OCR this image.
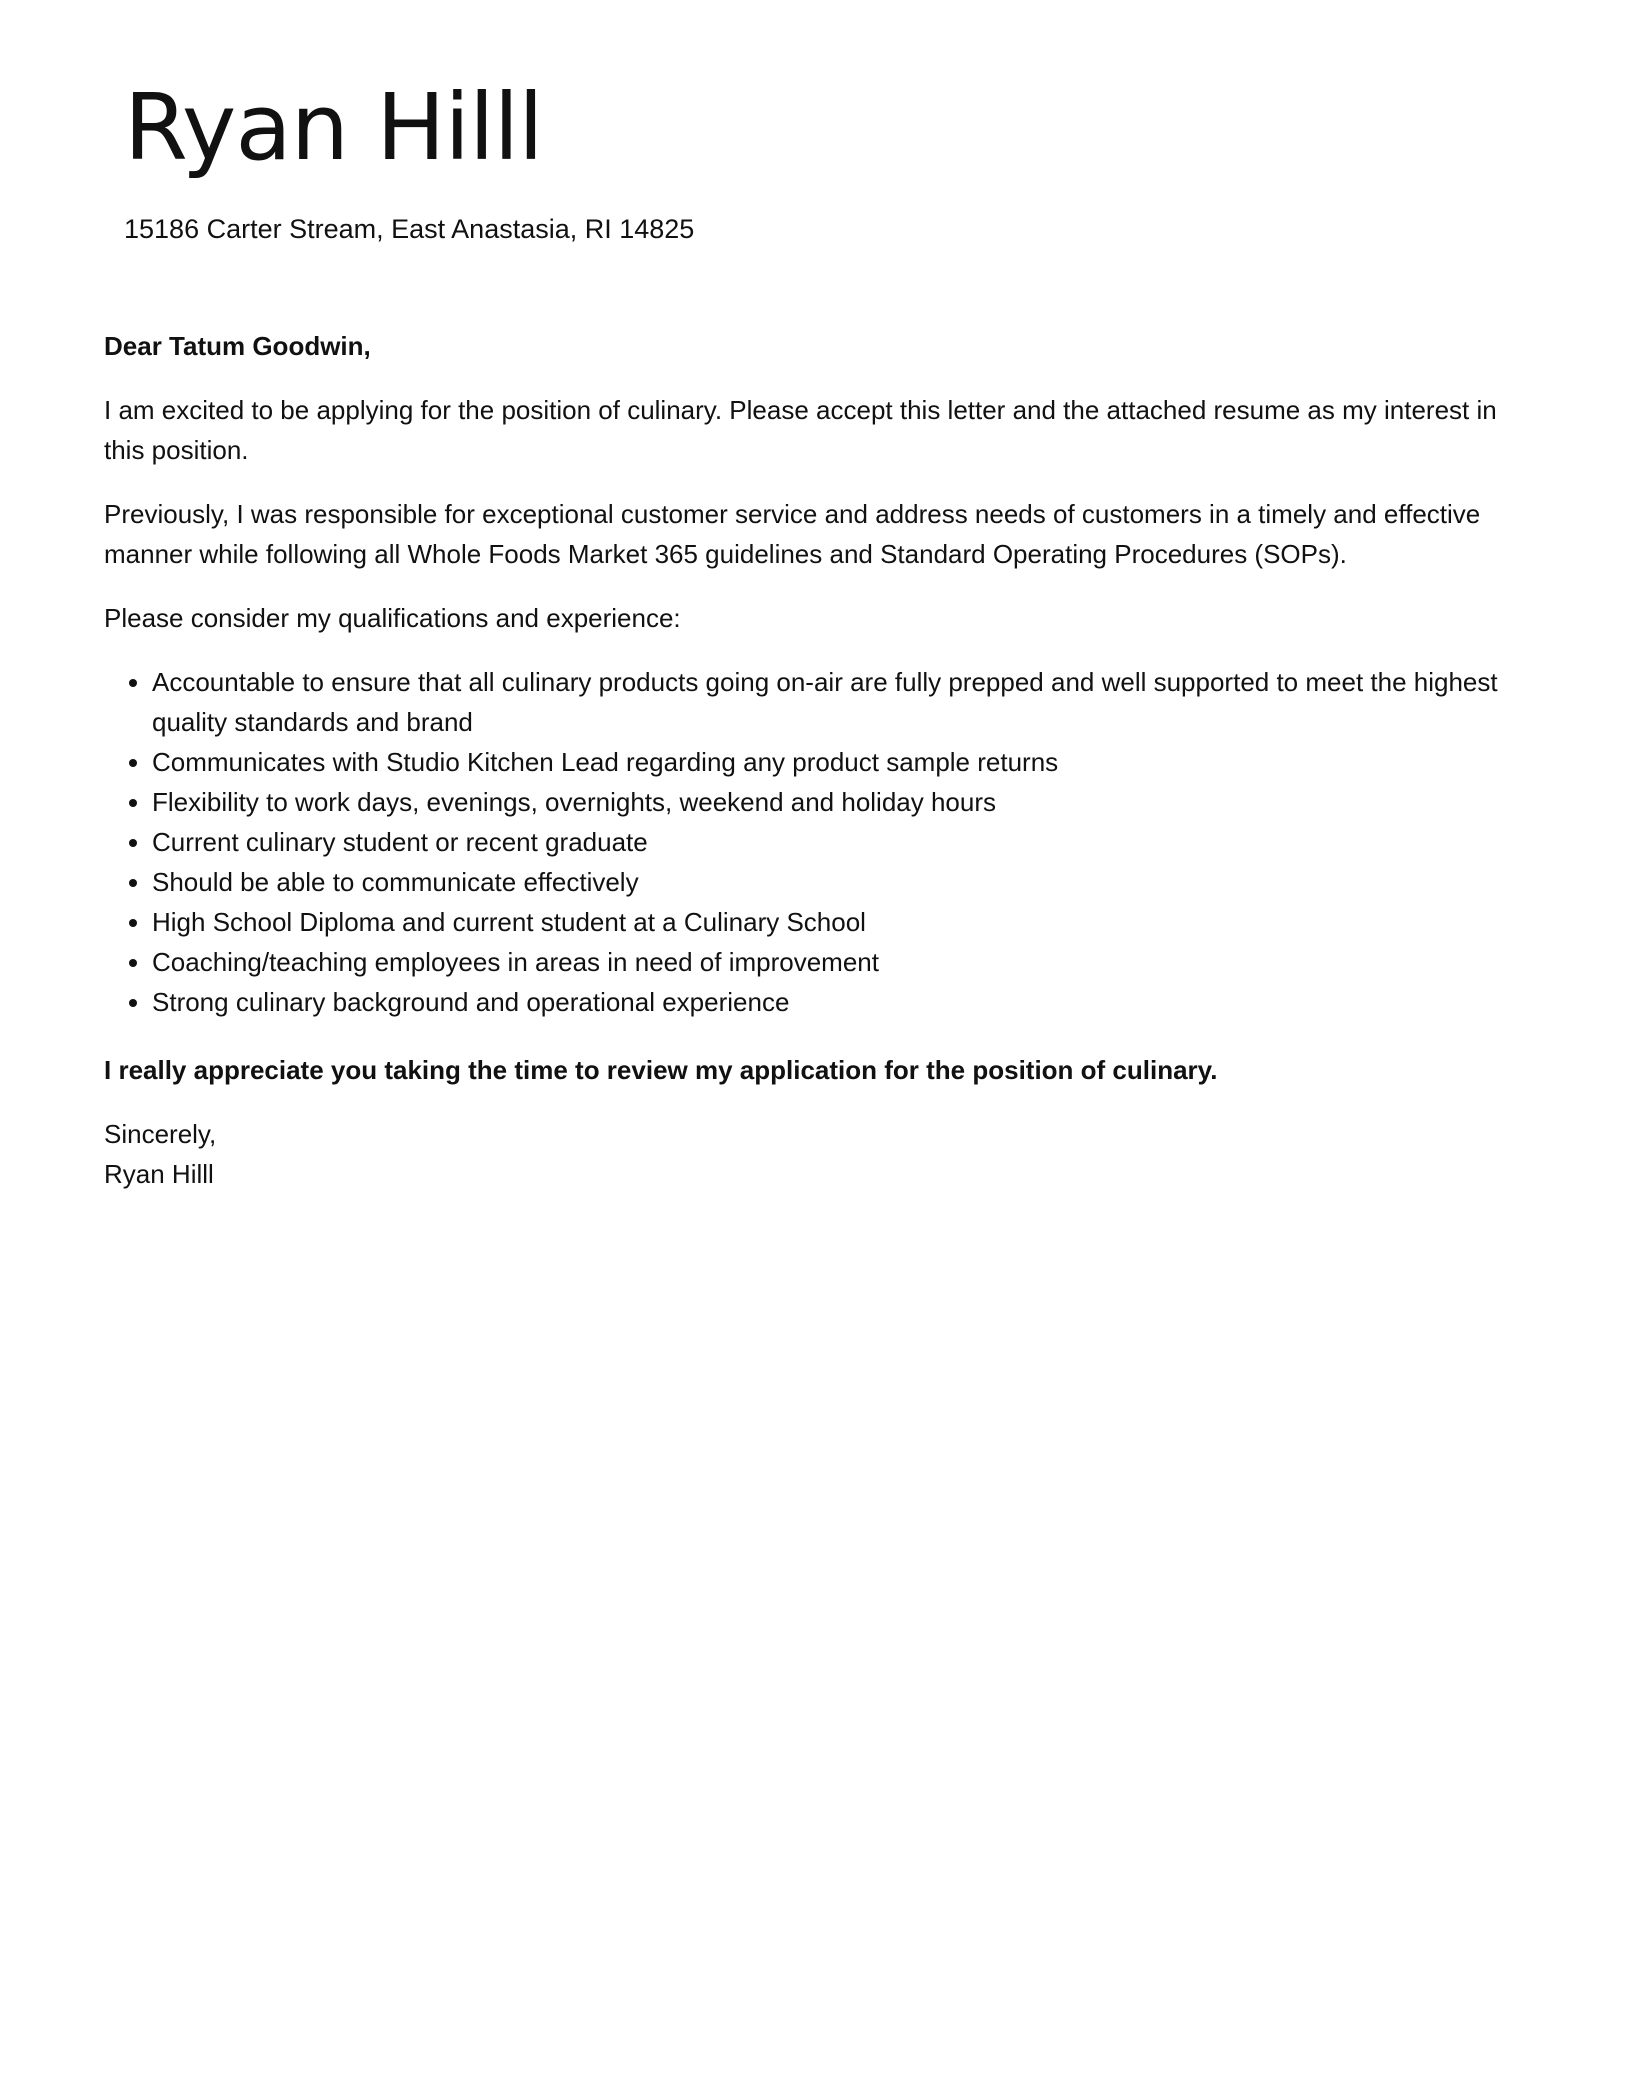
Ryan Hilll
15186 Carter Stream, East Anastasia, RI 14825

Dear Tatum Goodwin,

I am excited to be applying for the position of culinary. Please accept this letter and the attached resume as my interest in this position.

Previously, I was responsible for exceptional customer service and address needs of customers in a timely and effective manner while following all Whole Foods Market 365 guidelines and Standard Operating Procedures (SOPs).

Please consider my qualifications and experience:

• Accountable to ensure that all culinary products going on-air are fully prepped and well supported to meet the highest quality standards and brand
• Communicates with Studio Kitchen Lead regarding any product sample returns
• Flexibility to work days, evenings, overnights, weekend and holiday hours
• Current culinary student or recent graduate
• Should be able to communicate effectively
• High School Diploma and current student at a Culinary School
• Coaching/teaching employees in areas in need of improvement
• Strong culinary background and operational experience

I really appreciate you taking the time to review my application for the position of culinary.

Sincerely,
Ryan Hilll
